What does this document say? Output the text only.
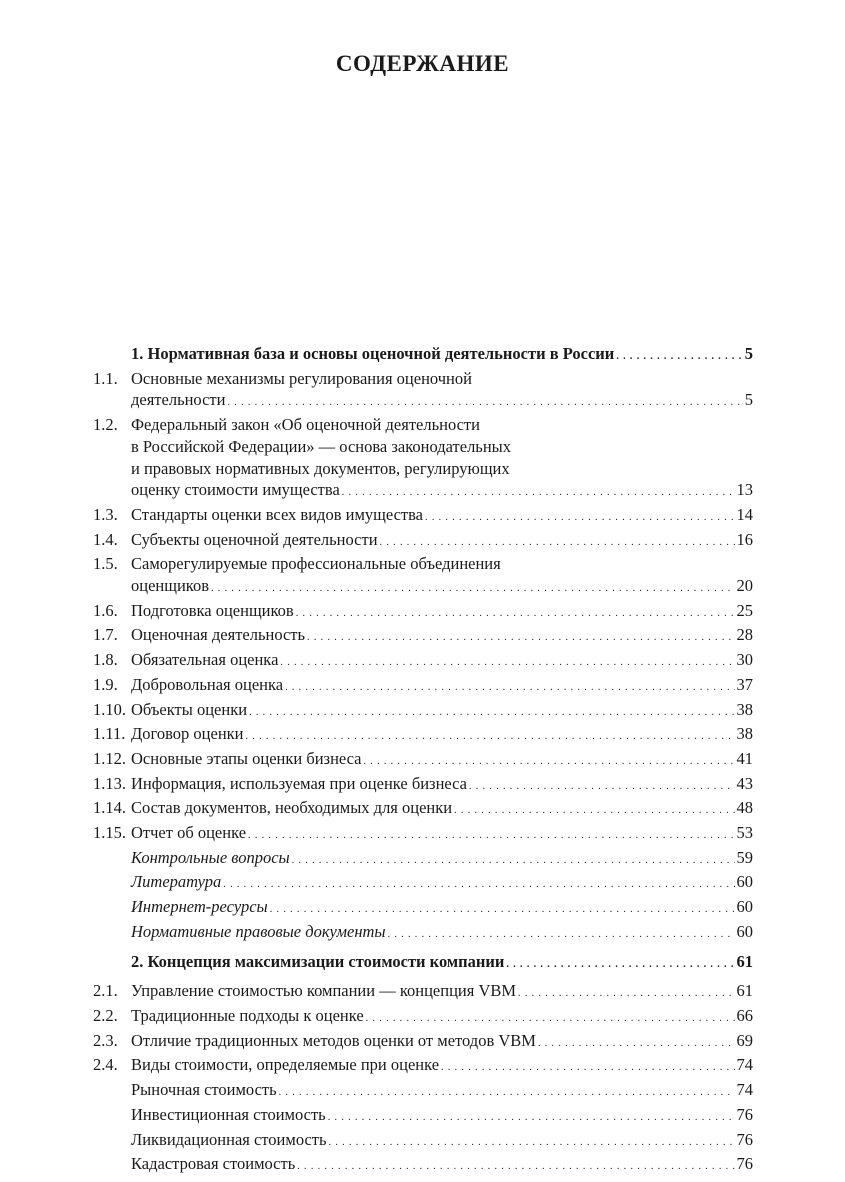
СОДЕРЖАНИЕ
1. Нормативная база и основы оценочной деятельности в России . . .	5
1.1. Основные механизмы регулирования оценочной
деятельности . . .	5
1.2. Федеральный закон «Об оценочной деятельности
в Российской Федерации» — основа законодательных
и правовых нормативных документов, регулирующих
оценку стоимости имущества . . .	13
1.3. Стандарты оценки всех видов имущества . . .	14
1.4. Субъекты оценочной деятельности . . .	16
1.5. Саморегулируемые профессиональные объединения
оценщиков . . .	20
1.6. Подготовка оценщиков . . .	25
1.7. Оценочная деятельность . . .	28
1.8. Обязательная оценка . . .	30
1.9. Добровольная оценка . . .	37
1.10. Объекты оценки . . .	38
1.11. Договор оценки . . .	38
1.12. Основные этапы оценки бизнеса . . .	41
1.13. Информация, используемая при оценке бизнеса . . .	43
1.14. Состав документов, необходимых для оценки . . .	48
1.15. Отчет об оценке . . .	53
Контрольные вопросы . . .	59
Литература . . .	60
Интернет-ресурсы . . .	60
Нормативные правовые документы . . .	60
2. Концепция максимизации стоимости компании . . .	61
2.1. Управление стоимостью компании — концепция VBM . . .	61
2.2. Традиционные подходы к оценке . . .	66
2.3. Отличие традиционных методов оценки от методов VBM . . .	69
2.4. Виды стоимости, определяемые при оценке . . .	74
Рыночная стоимость . . .	74
Инвестиционная стоимость . . .	76
Ликвидационная стоимость . . .	76
Кадастровая стоимость . . .	76
